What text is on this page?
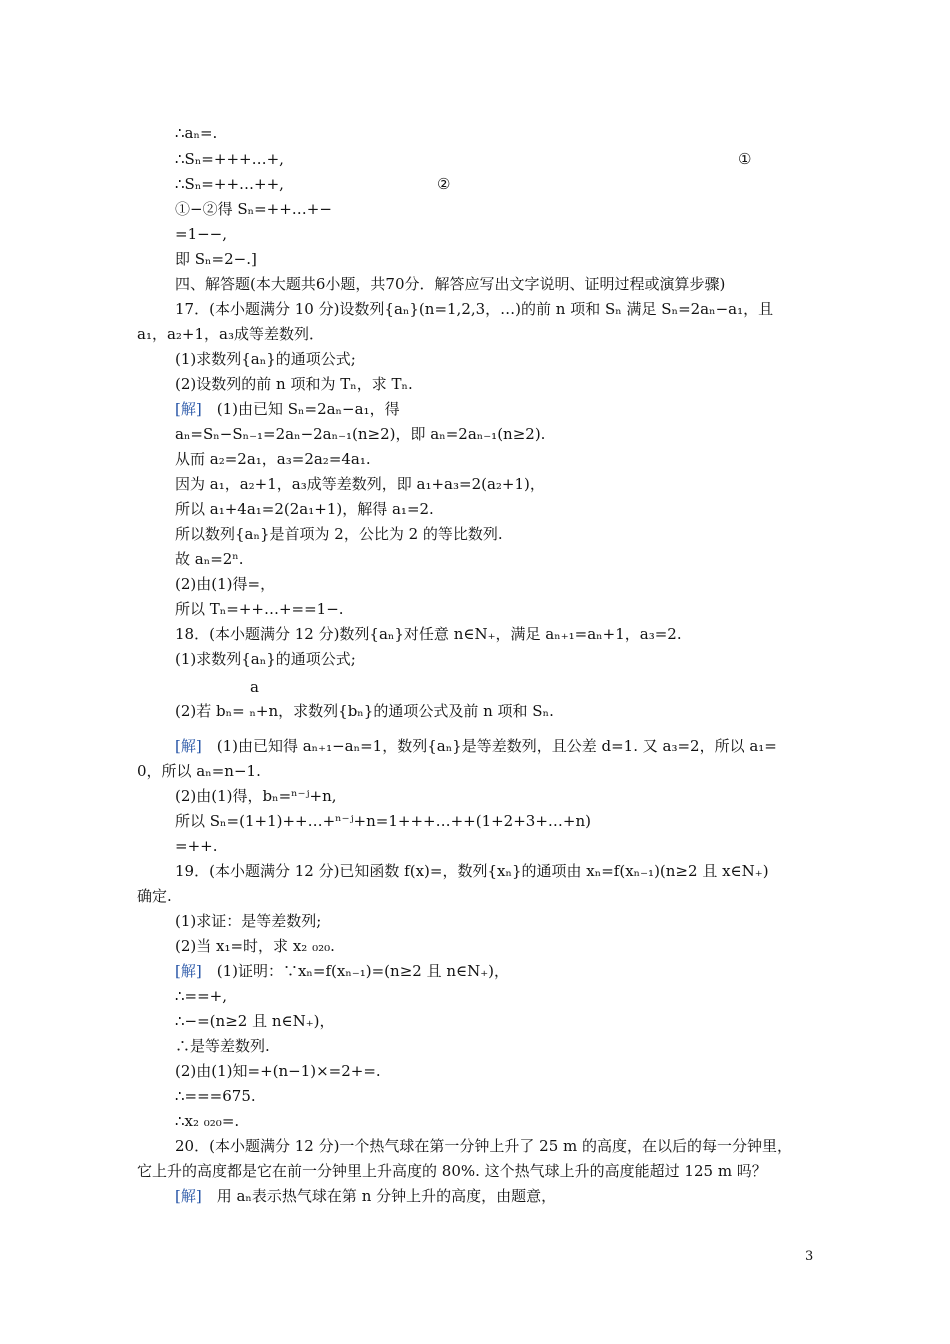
∴aₙ=.
∴Sₙ=+++…+,	①
∴Sₙ=++…++,	②
①−②得 Sₙ=++…+−
=1−−,
即 Sₙ=2−.]
四、解答题(本大题共6小题，共70分．解答应写出文字说明、证明过程或演算步骤)
17．(本小题满分 10 分)设数列{aₙ}(n=1,2,3，…)的前 n 项和 Sₙ 满足 Sₙ=2aₙ−a₁，且
a₁，a₂+1，a₃成等差数列．
(1)求数列{aₙ}的通项公式;
(2)设数列的前 n 项和为 Tₙ，求 Tₙ.
[解]  (1)由已知 Sₙ=2aₙ−a₁，得
aₙ=Sₙ−Sₙ₋₁=2aₙ−2aₙ₋₁(n≥2)，即 aₙ=2aₙ₋₁(n≥2).
从而 a₂=2a₁，a₃=2a₂=4a₁.
因为 a₁，a₂+1，a₃成等差数列，即 a₁+a₃=2(a₂+1)，
所以 a₁+4a₁=2(2a₁+1)，解得 a₁=2.
所以数列{aₙ}是首项为 2，公比为 2 的等比数列.
故 aₙ=2ⁿ.
(2)由(1)得=，
所以 Tₙ=++…+==1−.
18．(本小题满分 12 分)数列{aₙ}对任意 n∈N₊，满足 aₙ₊₁=aₙ+1，a₃=2.
(1)求数列{aₙ}的通项公式;
a
(2)若 bₙ= ₙ+n，求数列{bₙ}的通项公式及前 n 项和 Sₙ.
[解]  (1)由已知得 aₙ₊₁−aₙ=1，数列{aₙ}是等差数列，且公差 d=1. 又 a₃=2，所以 a₁=
0，所以 aₙ=n−1.
(2)由(1)得，bₙ=ⁿ⁻ʲ+n,
所以 Sₙ=(1+1)++…+ⁿ⁻ʲ+n=1+++…++(1+2+3+…+n)
=++.
19．(本小题满分 12 分)已知函数 f(x)=，数列{xₙ}的通项由 xₙ=f(xₙ₋₁)(n≥2 且 x∈N₊)
确定.
(1)求证：是等差数列;
(2)当 x₁=时，求 x₂ ₀₂₀.
[解]  (1)证明：∵xₙ=f(xₙ₋₁)=(n≥2 且 n∈N₊)，
∴==+,
∴−=(n≥2 且 n∈N₊)，
∴是等差数列.
(2)由(1)知=+(n−1)×=2+=.
∴===675.
∴x₂ ₀₂₀=.
20．(本小题满分 12 分)一个热气球在第一分钟上升了 25 m 的高度，在以后的每一分钟里，
它上升的高度都是它在前一分钟里上升高度的 80%. 这个热气球上升的高度能超过 125 m 吗？
[解]  用 aₙ表示热气球在第 n 分钟上升的高度，由题意，
3
